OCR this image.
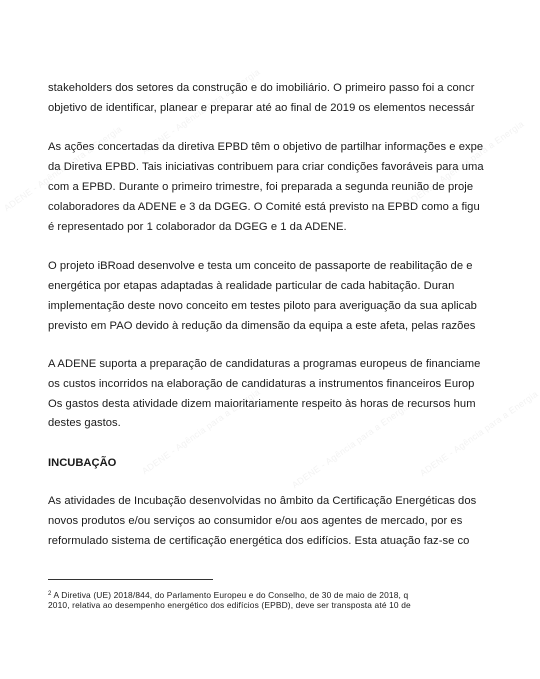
ADENE - Agência para a Energia
ADENE - Agência para a Energia
ADENE - Agência para a Energia
ADENE - Agência para a Energia	ADENE - Agência para a Energia
ADENE - Agência para a Energia
stakeholders dos setores da construção e do imobiliário. O primeiro passo foi a concr
objetivo de identificar, planear e preparar até ao final de 2019 os elementos necessár
As ações concertadas da diretiva EPBD têm o objetivo de partilhar informações e expe
da Diretiva EPBD. Tais iniciativas contribuem para criar condições favoráveis para uma
com a EPBD. Durante o primeiro trimestre, foi preparada a segunda reunião de proje
colaboradores da ADENE e 3 da DGEG. O Comité está previsto na EPBD como a figu
é representado por 1 colaborador da DGEG e 1 da ADENE.
O projeto iBRoad desenvolve e testa um conceito de passaporte de reabilitação de e
energética por etapas adaptadas à realidade particular de cada habitação. Duran
implementação deste novo conceito em testes piloto para averiguação da sua aplicab
previsto em PAO devido à redução da dimensão da equipa a este afeta, pelas razões
A ADENE suporta a preparação de candidaturas a programas europeus de financiame
os custos incorridos na elaboração de candidaturas a instrumentos financeiros Europ
Os gastos desta atividade dizem maioritariamente respeito às horas de recursos hum
destes gastos.
INCUBAÇÃO
As atividades de Incubação desenvolvidas no âmbito da Certificação Energéticas dos
novos produtos e/ou serviços ao consumidor e/ou aos agentes de mercado, por es
reformulado sistema de certificação energética dos edifícios. Esta atuação faz-se co
$^2$ A Diretiva (UE) 2018/844, do Parlamento Europeu e do Conselho, de 30 de maio de 2018, q
2010, relativa ao desempenho energético dos edifícios (EPBD), deve ser transposta até 10 de
